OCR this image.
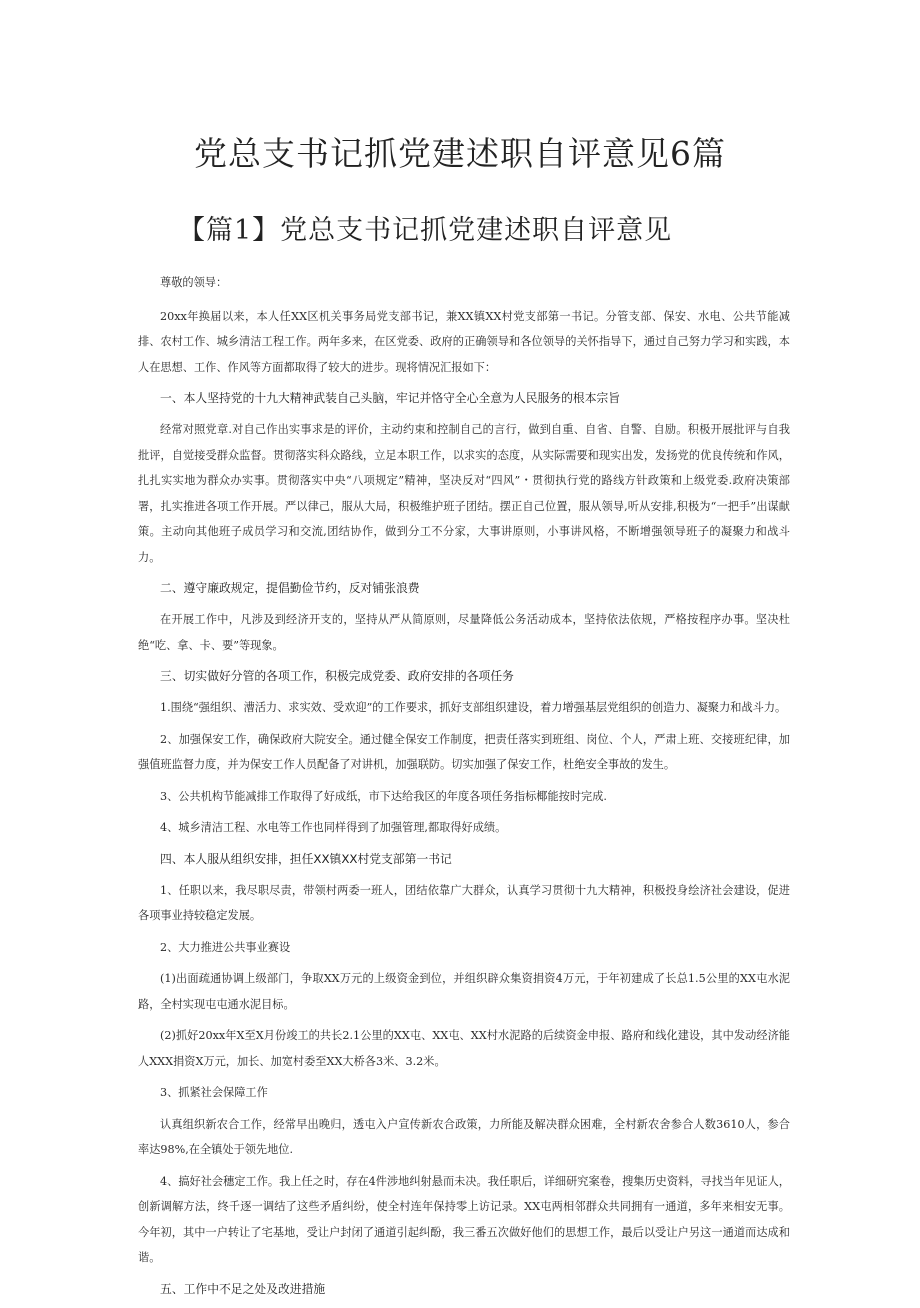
党总支书记抓党建述职自评意见6篇
【篇1】党总支书记抓党建述职自评意见

尊敬的领导：

20xx年换届以来，本人任XX区机关事务局党支部书记，兼XX镇XX村党支部第一书记。分管支部、保安、水电、公共节能减排、农村工作、城乡清洁工程工作。两年多来，在区党委、政府的正确领导和各位领导的关怀指导下，通过自己努力学习和实践，本人在思想、工作、作风等方面都取得了较大的进步。现将情况汇报如下：

一、本人坚持党的十九大精神武装自己头脑，牢记并恪守全心全意为人民服务的根本宗旨

经常对照党章.对自己作出实事求是的评价，主动约束和控制自己的言行，做到自重、自省、自警、自励。积极开展批评与自我批评，自觉接受群众监督。贯彻落实科众路线，立足本职工作，以求实的态度，从实际需要和现实出发，发扬党的优良传统和作风，扎扎实实地为群众办实事。贯彻落实中央“八项规定”精神，坚决反对“四风”・贯彻执行党的路线方针政策和上级党委.政府决策部署，扎实推进各项工作开展。严以律己，服从大局，积极维护班子团结。摆正自己位置，服从领导,听从安排,积极为“一把手”出谋献策。主动向其他班子成员学习和交流,团结协作，做到分工不分家，大事讲原则，小事讲风格，不断增强领导班子的凝聚力和战斗力。

二、遵守廉政规定，提倡勤俭节约，反对铺张浪费

在开展工作中，凡涉及到经济开支的，坚持从严从简原则，尽量降低公务活动成本，坚持依法依规，严格按程序办事。坚决杜绝“吃、拿、卡、要”等现象。

三、切实做好分管的各项工作，积极完成党委、政府安排的各项任务

1.围绕“强组织、漕活力、求实效、受欢迎”的工作要求，抓好支部组织建设，着力增强基层党组织的创造力、凝聚力和战斗力。

2、加强保安工作，确保政府大院安全。通过健全保安工作制度，把责任落实到班组、岗位、个人，严肃上班、交接班纪律，加强值班监督力度，并为保安工作人员配备了对讲机，加强联防。切实加强了保安工作，杜绝安全事故的发生。

3、公共机构节能减排工作取得了好成纸，市下达给我区的年度各项任务指标椰能按时完成.

4、城乡清洁工程、水电等工作也同样得到了加强管理,都取得好成绩。

四、本人服从组织安排，担任XX镇XX村党支部第一书记

1、任职以来，我尽职尽责，带领村两委一班人，团结依靠广大群众，认真学习贯彻十九大精神，积极投身绘济社会建设，促进各项事业持较稳定发展。

2、大力推进公共事业赛设

(1)出面疏通协调上级部门，争取XX万元的上级资金到位，并组织辟众集资捐资4万元，于年初建成了长总1.5公里的XX屯水泥路，全村实现屯屯通水泥目标。

(2)抓好20xx年X至X月份竣工的共长2.1公里的XX屯、XX屯、XX村水泥路的后续资金申报、路府和线化建设，其中发动经济能人XXX捐资X万元，加长、加宽村委至XX大桥各3米、3.2米。

3、抓紧社会保障工作

认真组织新农合工作，经常早出晚归，透屯入户宣传新农合政策，力所能及解决群众困难，全村新农舍参合人数3610人，参合率达98%,在全镇处于领先地位.

4、搞好社会穗定工作。我上任之时，存在4件涉地纠射悬而未决。我任职后，详细研究案卷，搜集历史资料，寻找当年见证人，创新调解方法，终千逐一调结了这些矛盾纠纷，使全村连年保持零上访记录。XX屯两相邻群众共同拥有一通道，多年来相安无事。今年初，其中一户转让了宅基地，受让户封闭了通道引起纠酚，我三番五次做好他们的思想工作，最后以受让户另这一通道而达成和谐。

五、工作中不足之处及改进措施
